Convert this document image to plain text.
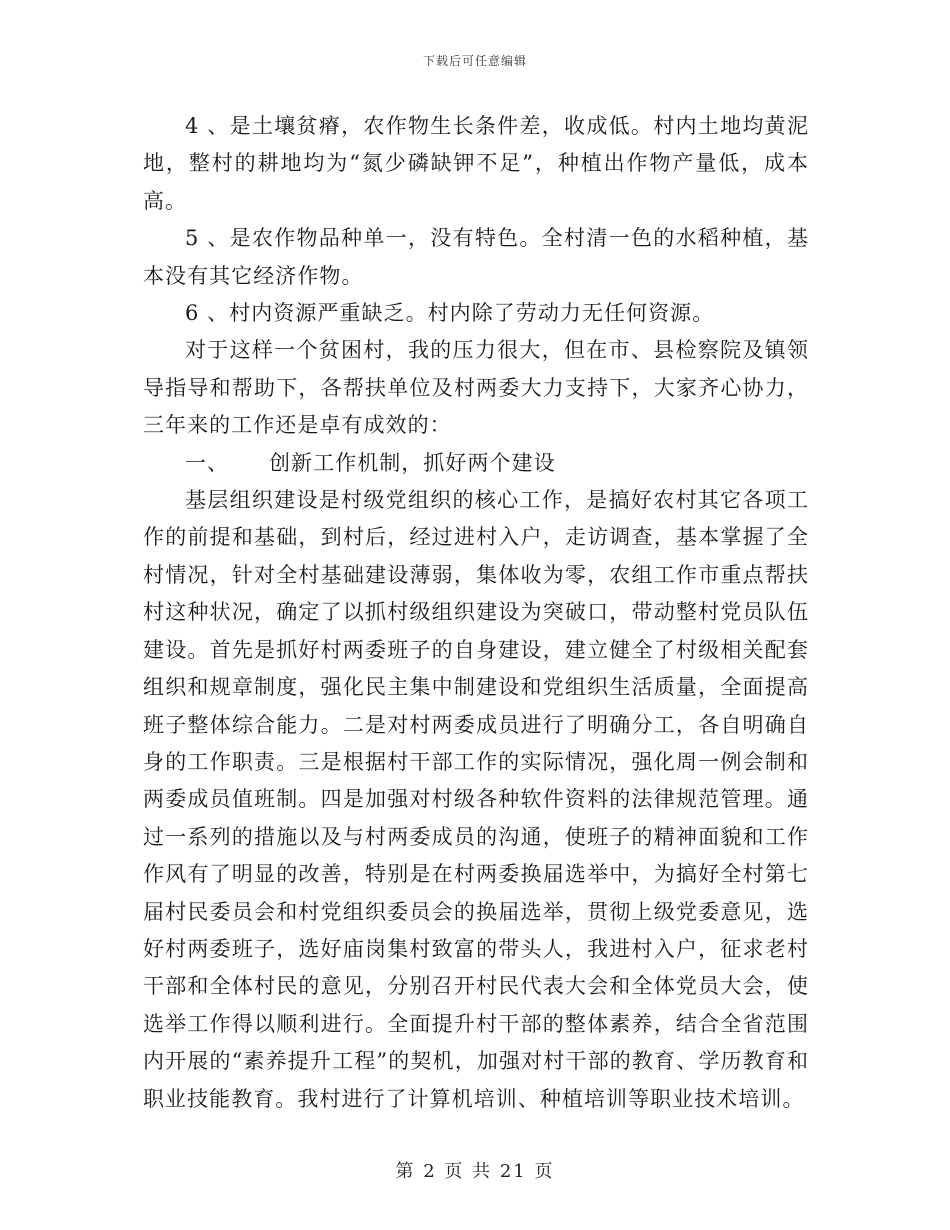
下载后可任意编辑

4 、是土壤贫瘠，农作物生长条件差，收成低。村内土地均黄泥地，整村的耕地均为“氮少磷缺钾不足”，种植出作物产量低，成本高。

5 、是农作物品种单一，没有特色。全村清一色的水稻种植，基本没有其它经济作物。

6 、村内资源严重缺乏。村内除了劳动力无任何资源。

对于这样一个贫困村，我的压力很大，但在市、县检察院及镇领导指导和帮助下，各帮扶单位及村两委大力支持下，大家齐心协力，三年来的工作还是卓有成效的：

一、 创新工作机制，抓好两个建设

基层组织建设是村级党组织的核心工作，是搞好农村其它各项工作的前提和基础，到村后，经过进村入户，走访调查，基本掌握了全村情况，针对全村基础建设薄弱，集体收为零，农组工作市重点帮扶村这种状况，确定了以抓村级组织建设为突破口，带动整村党员队伍建设。首先是抓好村两委班子的自身建设，建立健全了村级相关配套组织和规章制度，强化民主集中制建设和党组织生活质量，全面提高班子整体综合能力。二是对村两委成员进行了明确分工，各自明确自身的工作职责。三是根据村干部工作的实际情况，强化周一例会制和两委成员值班制。四是加强对村级各种软件资料的法律规范管理。通过一系列的措施以及与村两委成员的沟通，使班子的精神面貌和工作作风有了明显的改善，特别是在村两委换届选举中，为搞好全村第七届村民委员会和村党组织委员会的换届选举，贯彻上级党委意见，选好村两委班子，选好庙岗集村致富的带头人，我进村入户，征求老村干部和全体村民的意见，分别召开村民代表大会和全体党员大会，使选举工作得以顺利进行。全面提升村干部的整体素养，结合全省范围内开展的“素养提升工程”的契机，加强对村干部的教育、学历教育和职业技能教育。我村进行了计算机培训、种植培训等职业技术培训。

第 2 页 共 21 页
